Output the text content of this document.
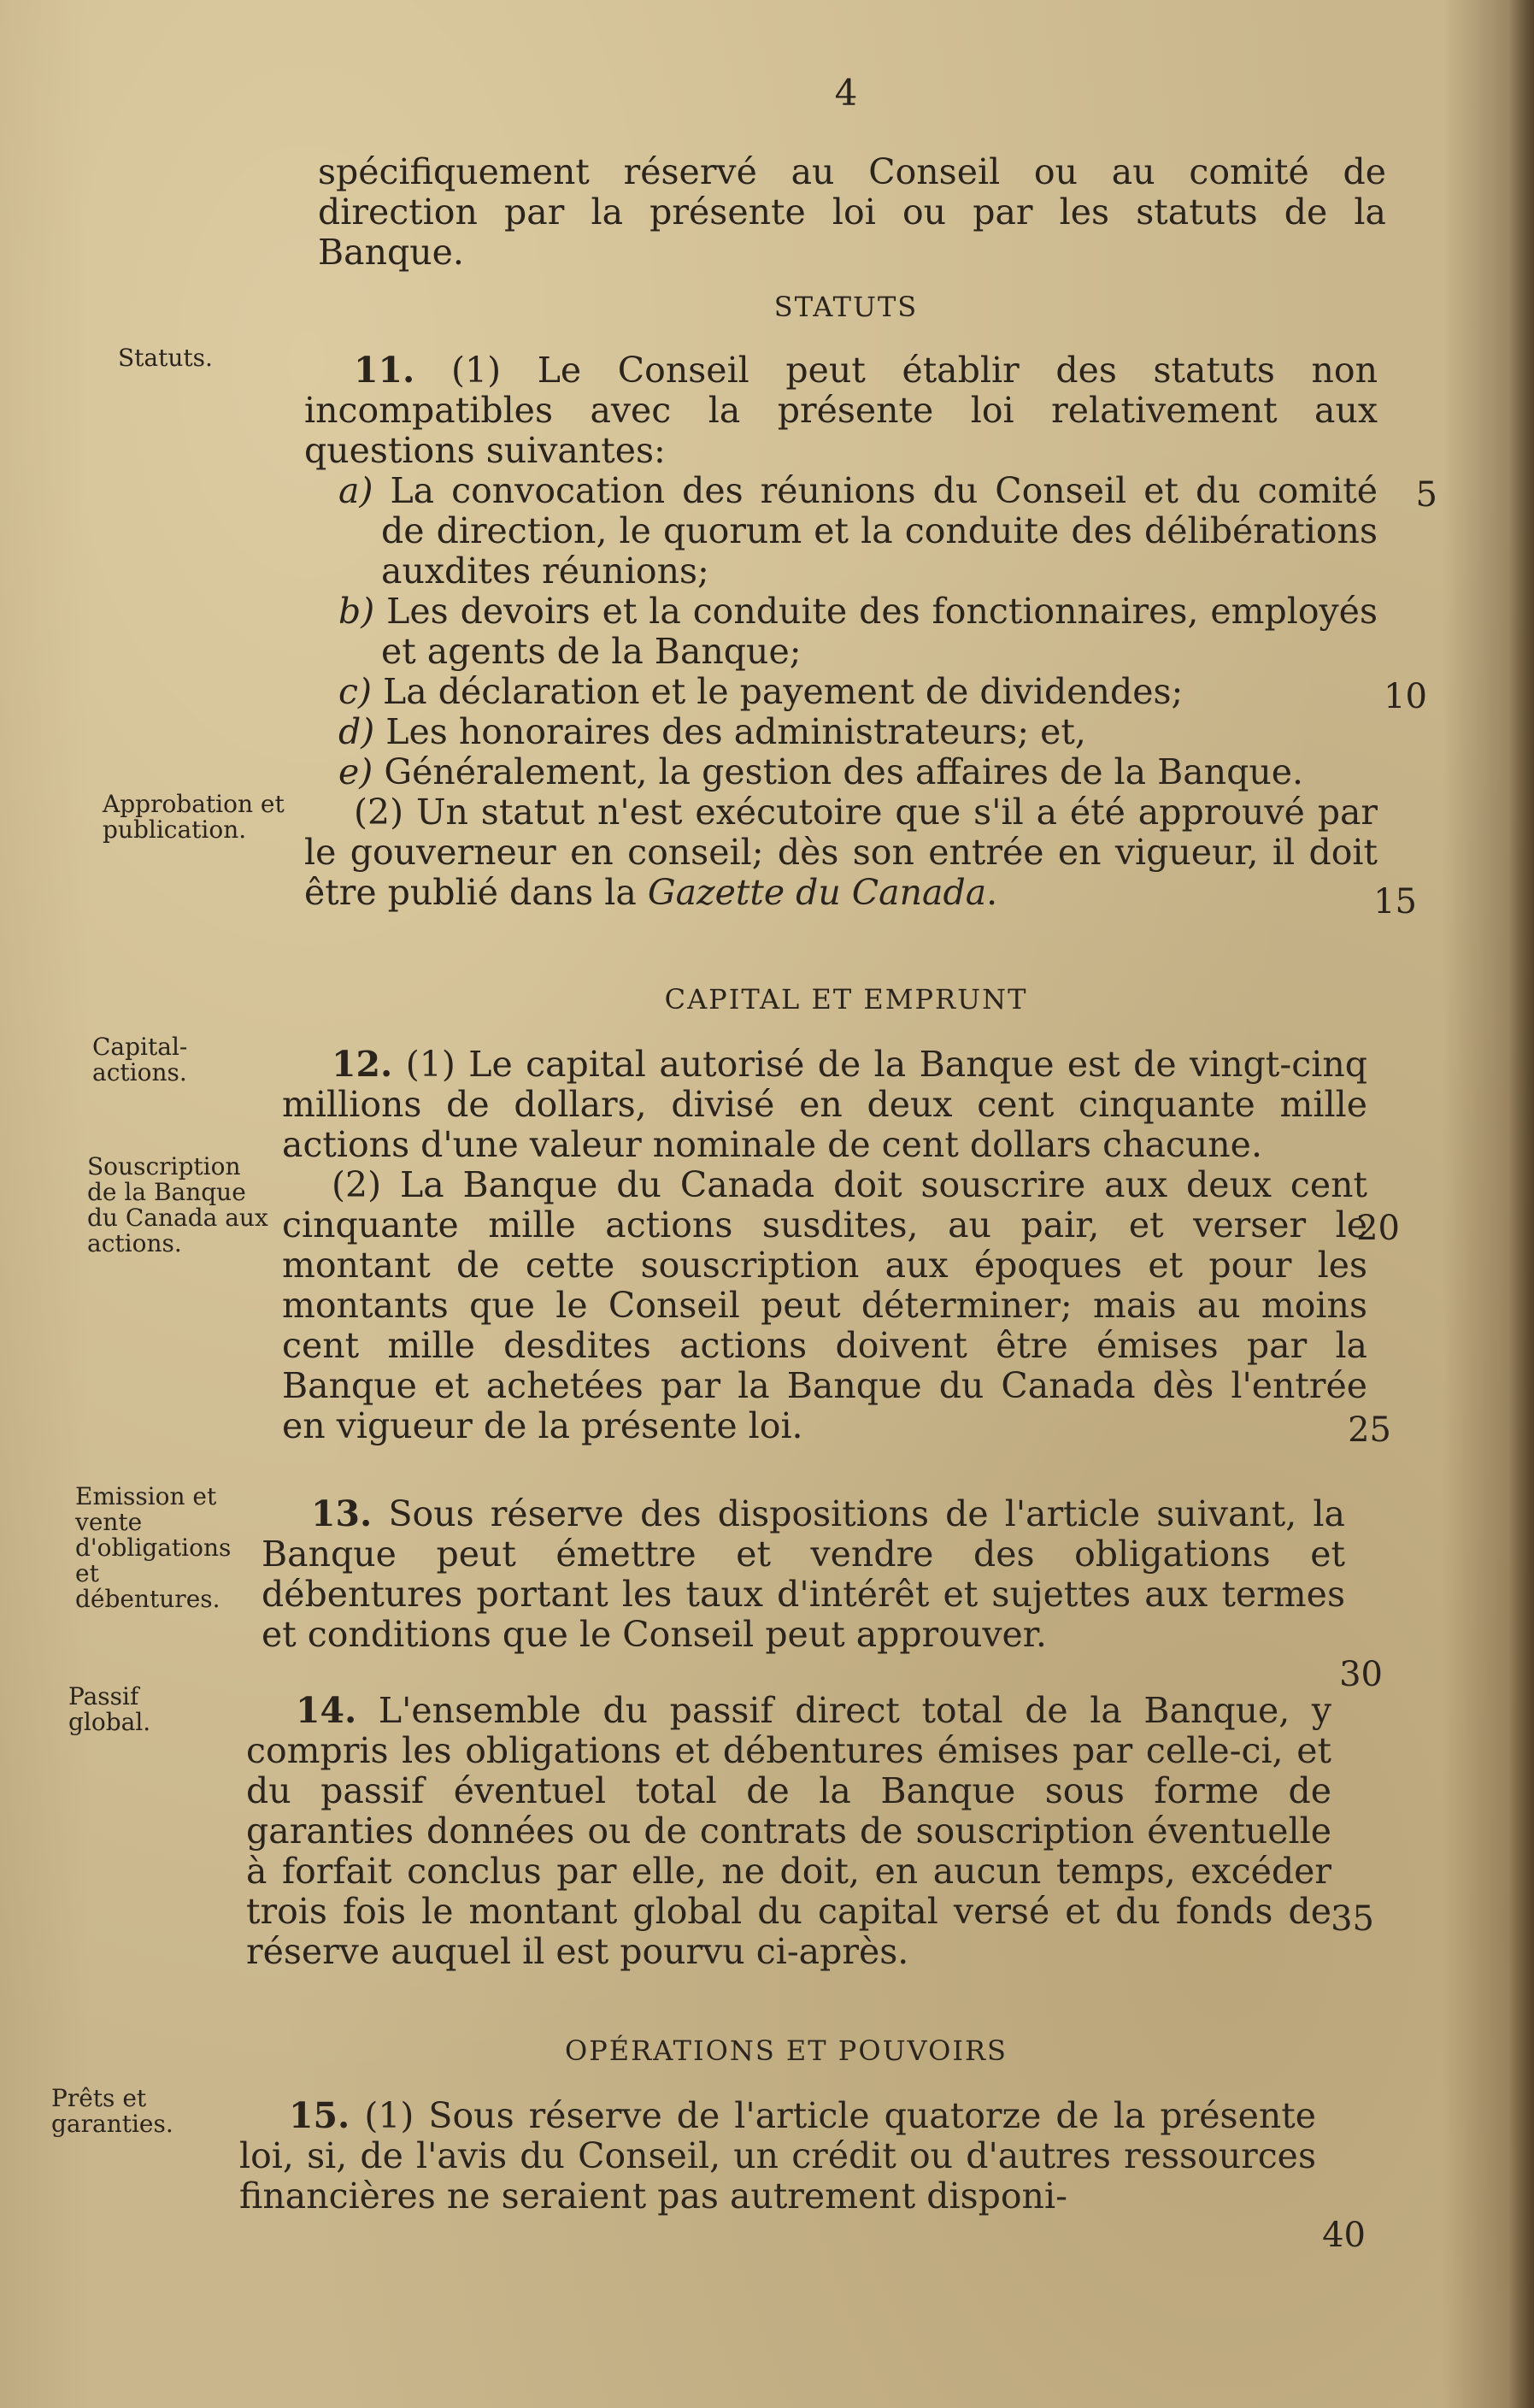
4

spécifiquement réservé au Conseil ou au comité de direction par la présente loi ou par les statuts de la Banque.

STATUTS
Statuts.	11. (1) Le Conseil peut établir des statuts non incompatibles avec la présente loi relativement aux questions suivantes:

a) La convocation des réunions du Conseil et du comité de direction, le quorum et la conduite des délibérations auxdites réunions;

b) Les devoirs et la conduite des fonctionnaires, employés et agents de la Banque;

c) La déclaration et le payement de dividendes;

d) Les honoraires des administrateurs; et,

e) Généralement, la gestion des affaires de la Banque.

(2) Un statut n'est exécutoire que s'il a été approuvé par le gouverneur en conseil; dès son entrée en vigueur, il doit être publié dans la Gazette du Canada.

Approbation et publication.
CAPITAL ET EMPRUNT
Capital-actions.	12. (1) Le capital autorisé de la Banque est de vingt-cinq millions de dollars, divisé en deux cent cinquante mille actions d'une valeur nominale de cent dollars chacune.

(2) La Banque du Canada doit souscrire aux deux cent cinquante mille actions susdites, au pair, et verser le montant de cette souscription aux époques et pour les montants que le Conseil peut déterminer; mais au moins cent mille desdites actions doivent être émises par la Banque et achetées par la Banque du Canada dès l'entrée en vigueur de la présente loi.

Souscription de la Banque du Canada aux actions.
Emission et vente d'obligations et débentures.

13. Sous réserve des dispositions de l'article suivant, la Banque peut émettre et vendre des obligations et débentures portant les taux d'intérêt et sujettes aux termes et conditions que le Conseil peut approuver.

Passif global.	14. L'ensemble du passif direct total de la Banque, y compris les obligations et débentures émises par celle-ci, et du passif éventuel total de la Banque sous forme de garanties données ou de contrats de souscription éventuelle à forfait conclus par elle, ne doit, en aucun temps, excéder trois fois le montant global du capital versé et du fonds de réserve auquel il est pourvu ci-après.

OPÉRATIONS ET POUVOIRS
Prêts et garanties.	15. (1) Sous réserve de l'article quatorze de la présente loi, si, de l'avis du Conseil, un crédit ou d'autres ressources financières ne seraient pas autrement disponi-

5
10
15
20
25
30
35
40
